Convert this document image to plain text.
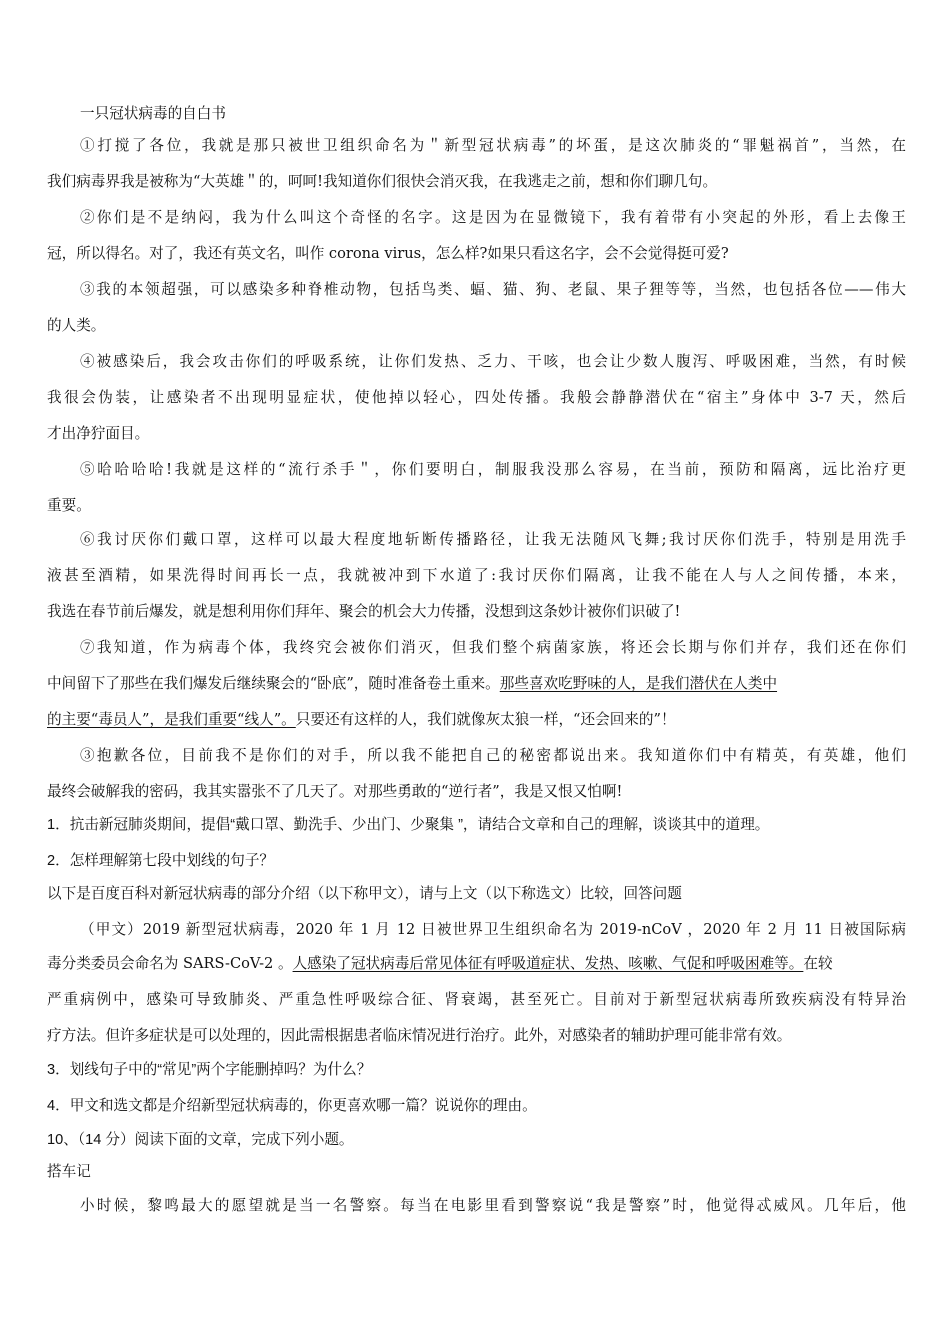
一只冠状病毒的自白书
①打搅了各位，我就是那只被世卫组织命名为＂新型冠状病毒”的坏蛋，是这次肺炎的“罪魁祸首”，当然，在
我们病毒界我是被称为“大英雄＂的，呵呵!我知道你们很快会消灭我，在我逃走之前，想和你们聊几句。
②你们是不是纳闷，我为什么叫这个奇怪的名字。这是因为在显微镜下，我有着带有小突起的外形，看上去像王
冠，所以得名。对了，我还有英文名，叫作 corona virus，怎么样?如果只看这名字，会不会觉得挺可爱?
③我的本领超强，可以感染多种脊椎动物，包括鸟类、蝠、猫、狗、老鼠、果子狸等等，当然，也包括各位——伟大
的人类。
④被感染后，我会攻击你们的呼吸系统，让你们发热、乏力、干咳，也会让少数人腹泻、呼吸困难，当然，有时候
我很会伪装，让感染者不出现明显症状，使他掉以轻心，四处传播。我般会静静潜伏在“宿主”身体中 3-7 天，然后
才出净狞面目。
⑤哈哈哈哈!我就是这样的“流行杀手＂，你们要明白，制服我没那么容易，在当前，预防和隔离，远比治疗更
重要。
⑥我讨厌你们戴口罩，这样可以最大程度地斩断传播路径，让我无法随风飞舞;我讨厌你们洗手，特别是用洗手
液甚至酒精，如果洗得时间再长一点，我就被冲到下水道了:我讨厌你们隔离，让我不能在人与人之间传播，本来，
我选在春节前后爆发，就是想利用你们拜年、聚会的机会大力传播，没想到这条妙计被你们识破了!
⑦我知道，作为病毒个体，我终究会被你们消灭，但我们整个病菌家族，将还会长期与你们并存，我们还在你们
中间留下了那些在我们爆发后继续聚会的“卧底”，随时准备卷土重来。那些喜欢吃野味的人，是我们潜伏在人类中
的主要“毒员人”，是我们重要“线人”。只要还有这样的人，我们就像灰太狼一样，“还会回来的”！
③抱歉各位，目前我不是你们的对手，所以我不能把自己的秘密都说出来。我知道你们中有精英，有英雄，他们
最终会破解我的密码，我其实嚣张不了几天了。对那些勇敢的“逆行者”，我是又恨又怕啊!
1．抗击新冠肺炎期间，提倡“戴口罩、勤洗手、少出门、少聚集 ”，请结合文章和自己的理解，谈谈其中的道理。
2．怎样理解第七段中划线的句子？
以下是百度百科对新冠状病毒的部分介绍（以下称甲文），请与上文（以下称选文）比较，回答问题
（甲文）2019 新型冠状病毒，2020 年 1 月 12 日被世界卫生组织命名为 2019-nCoV ，2020 年 2 月 11 日被国际病
毒分类委员会命名为 SARS-CoV-2 。人感染了冠状病毒后常见体征有呼吸道症状、发热、咳嗽、气促和呼吸困难等。在较
严重病例中，感染可导致肺炎、严重急性呼吸综合征、肾衰竭，甚至死亡。目前对于新型冠状病毒所致疾病没有特异治
疗方法。但许多症状是可以处理的，因此需根据患者临床情况进行治疗。此外，对感染者的辅助护理可能非常有效。
3．划线句子中的“常见”两个字能删掉吗？为什么？
4．甲文和选文都是介绍新型冠状病毒的，你更喜欢哪一篇？说说你的理由。
10、（14 分）阅读下面的文章，完成下列小题。
搭车记
小时候，黎鸣最大的愿望就是当一名警察。每当在电影里看到警察说“我是警察”时，他觉得忒威风。几年后，他
